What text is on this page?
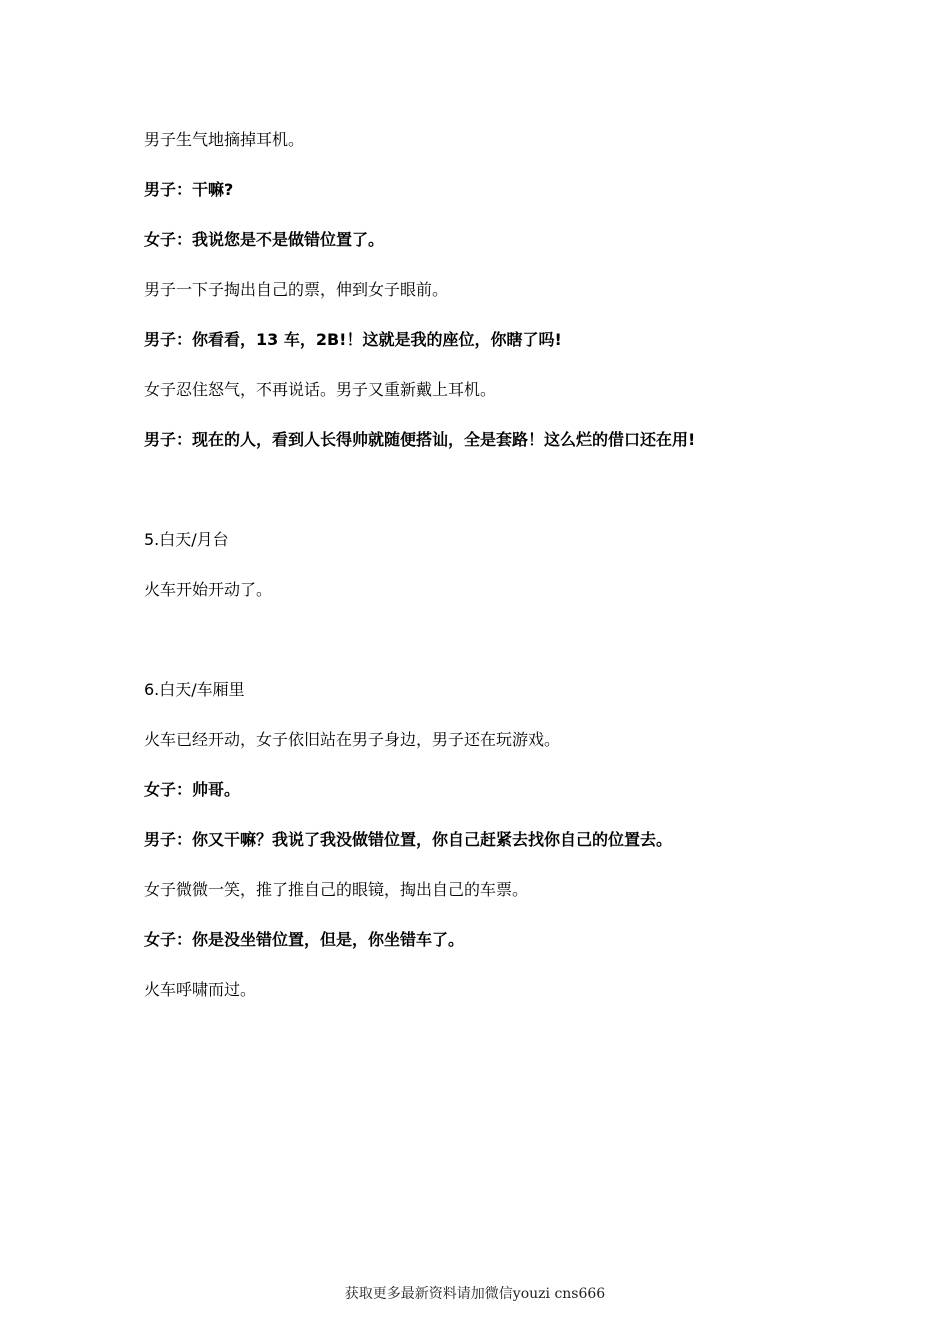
男子生气地摘掉耳机。
男子：干嘛?
女子：我说您是不是做错位置了。
男子一下子掏出自己的票，伸到女子眼前。
男子：你看看，13 车，2B!！这就是我的座位，你瞎了吗!
女子忍住怒气，不再说话。男子又重新戴上耳机。
男子：现在的人，看到人长得帅就随便搭讪，全是套路！这么烂的借口还在用!
5.白天/月台
火车开始开动了。
6.白天/车厢里
火车已经开动，女子依旧站在男子身边，男子还在玩游戏。
女子：帅哥。
男子：你又干嘛？我说了我没做错位置，你自己赶紧去找你自己的位置去。
女子微微一笑，推了推自己的眼镜，掏出自己的车票。
女子：你是没坐错位置，但是，你坐错车了。
火车呼啸而过。
获取更多最新资料请加微信youzi cns666
